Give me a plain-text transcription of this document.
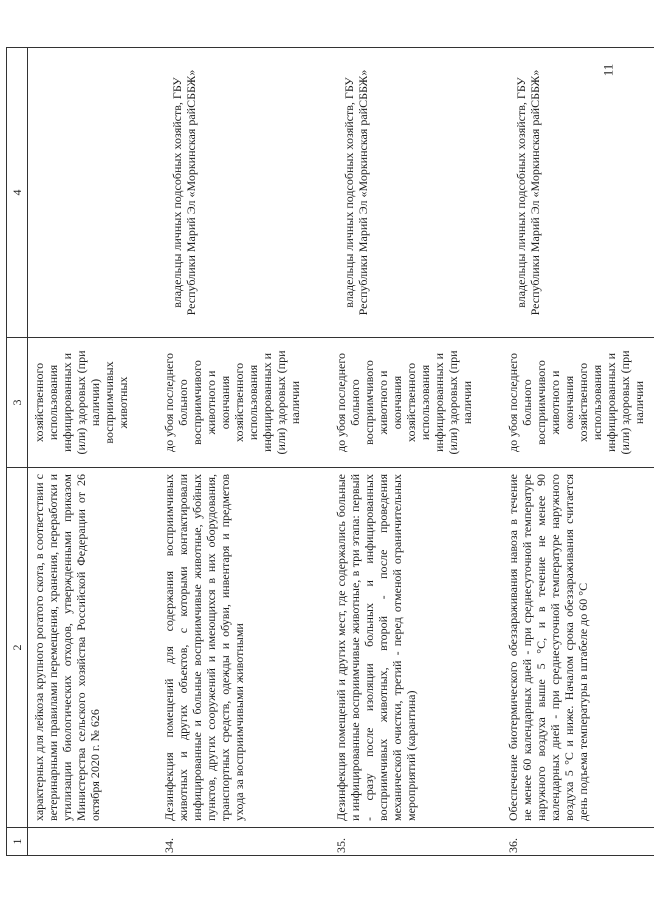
11
1	2	3	4
	характерных для лейкоза крупного рогатого скота, в соответствии с ветеринарными правилами перемещения, хранения, переработки и утилизации биологических отходов, утвержденными приказом Министерства сельского хозяйства Российской Федерации от 26 октября 2020 г. № 626	хозяйственного использования инфицированных и (или) здоровых (при наличии) восприимчивых животных	

34.	Дезинфекция помещений для содержания восприимчивых животных и других объектов, с которыми контактировали инфицированные и больные восприимчивые животные, убойных пунктов, других сооружений и имеющихся в них оборудования, транспортных средств, одежды и обуви, инвентаря и предметов ухода за восприимчивыми животными	до убоя последнего больного восприимчивого животного и окончания хозяйственного использования инфицированных и (или) здоровых (при наличии	владельцы личных подсобных хозяйств, ГБУ Республики Марий Эл «Моркинская райСББЖ»

35.	Дезинфекция помещений и других мест, где содержались больные и инфицированные восприимчивые животные, в три этапа: первый - сразу после изоляции больных и инфицированных восприимчивых животных, второй - после проведения механической очистки, третий - перед отменой ограничительных мероприятий (карантина)	до убоя последнего больного восприимчивого животного и окончания хозяйственного использования инфицированных и (или) здоровых (при наличии	владельцы личных подсобных хозяйств, ГБУ Республики Марий Эл «Моркинская райСББЖ»

36.	Обеспечение биотермического обеззараживания навоза в течение не менее 60 календарных дней - при среднесуточной температуре наружного воздуха выше 5 °С, и в течение не менее 90 календарных дней - при среднесуточной температуре наружного воздуха 5 °С и ниже. Началом срока обеззараживания считается день подъема температуры в штабеле до 60 °С	до убоя последнего больного восприимчивого животного и окончания хозяйственного использования инфицированных и (или) здоровых (при наличии	владельцы личных подсобных хозяйств, ГБУ Республики Марий Эл «Моркинская райСББЖ»
